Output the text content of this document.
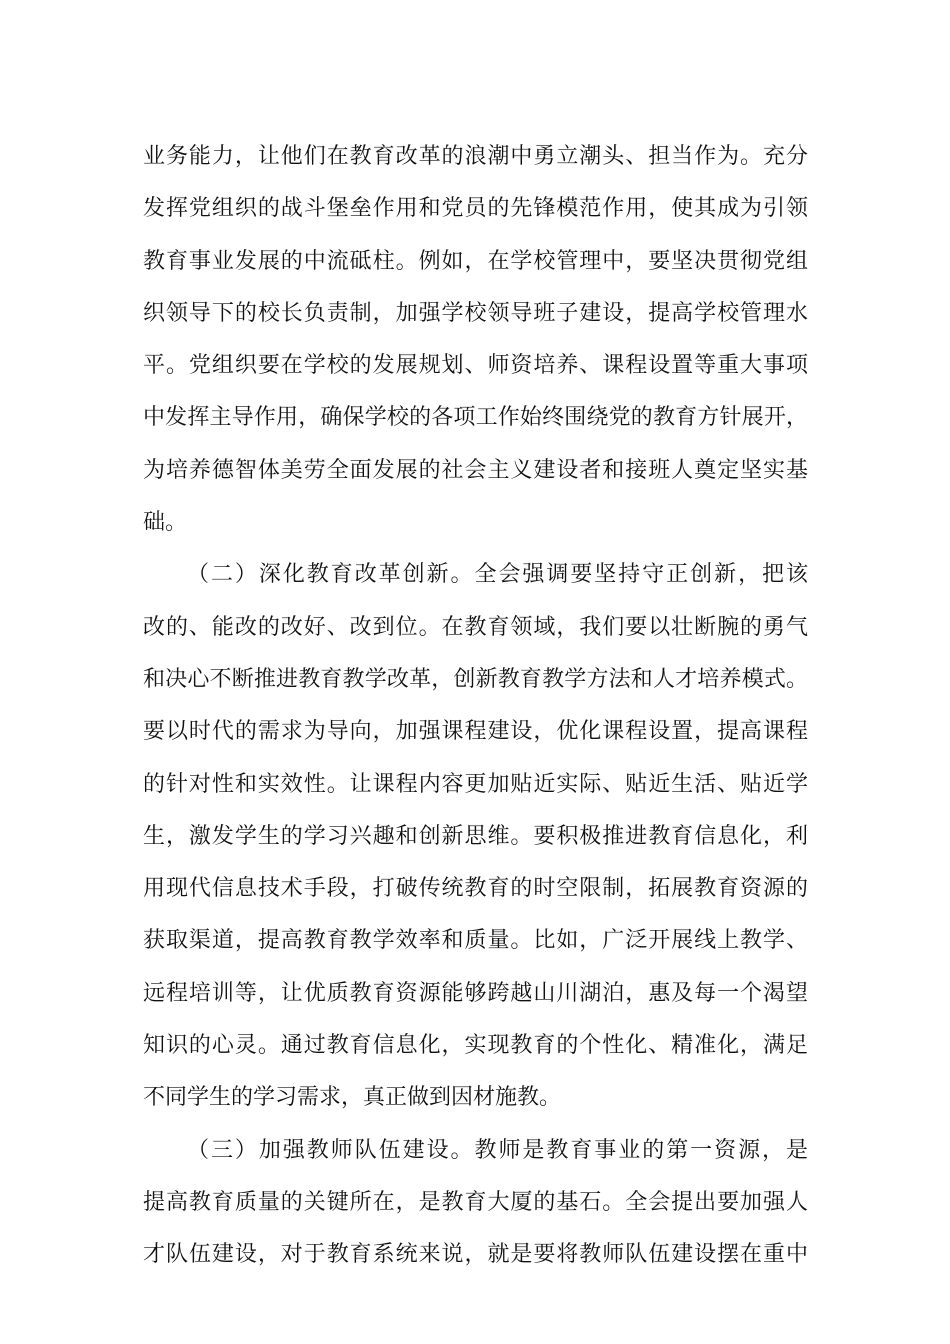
业务能力，让他们在教育改革的浪潮中勇立潮头、担当作为。充分
发挥党组织的战斗堡垒作用和党员的先锋模范作用，使其成为引领
教育事业发展的中流砥柱。例如，在学校管理中，要坚决贯彻党组
织领导下的校长负责制，加强学校领导班子建设，提高学校管理水
平。党组织要在学校的发展规划、师资培养、课程设置等重大事项
中发挥主导作用，确保学校的各项工作始终围绕党的教育方针展开，
为培养德智体美劳全面发展的社会主义建设者和接班人奠定坚实基
础。
（二）深化教育改革创新。全会强调要坚持守正创新，把该
改的、能改的改好、改到位。在教育领域，我们要以壮断腕的勇气
和决心不断推进教育教学改革，创新教育教学方法和人才培养模式。
要以时代的需求为导向，加强课程建设，优化课程设置，提高课程
的针对性和实效性。让课程内容更加贴近实际、贴近生活、贴近学
生，激发学生的学习兴趣和创新思维。要积极推进教育信息化，利
用现代信息技术手段，打破传统教育的时空限制，拓展教育资源的
获取渠道，提高教育教学效率和质量。比如，广泛开展线上教学、
远程培训等，让优质教育资源能够跨越山川湖泊，惠及每一个渴望
知识的心灵。通过教育信息化，实现教育的个性化、精准化，满足
不同学生的学习需求，真正做到因材施教。
（三）加强教师队伍建设。教师是教育事业的第一资源，是
提高教育质量的关键所在，是教育大厦的基石。全会提出要加强人
才队伍建设，对于教育系统来说，就是要将教师队伍建设摆在重中
